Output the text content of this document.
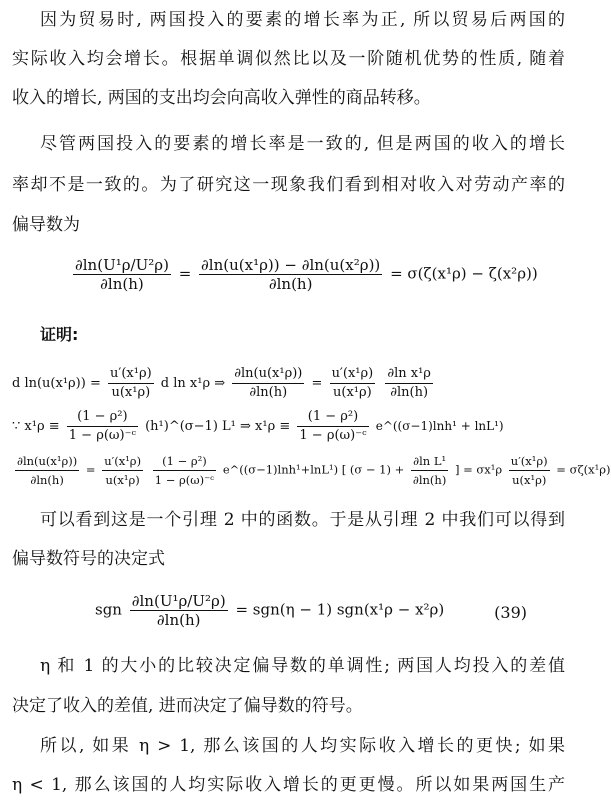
因为贸易时, 两国投入的要素的增长率为正, 所以贸易后两国的
实际收入均会增长。根据单调似然比以及一阶随机优势的性质, 随着
收入的增长, 两国的支出均会向高收入弹性的商品转移。
尽管两国投入的要素的增长率是一致的, 但是两国的收入的增长
率却不是一致的。为了研究这一现象我们看到相对收入对劳动产率的
偏导数为
$\frac{\text{∂ln(U¹ρ/U²ρ)}}{\partial\ln(h)} = \frac{\text{∂ln(u(x¹ρ)) − ∂ln(u(x²ρ))}}{\partial\ln(h)} = \sigma(\zeta(x^1\rho) - \zeta(x^2\rho))$
证明:
d $\ln(u(x^1\rho)) = \frac{\text{u′(x¹ρ)}}{\text{u(x¹ρ)}}$ d ln x¹ρ ⇒ $\frac{\text{∂ln(u(x¹ρ))}}{\partial\ln(h)} = \frac{\text{u′(x¹ρ)}}{\text{u(x¹ρ)}}$
$\frac{\text{∂ln x¹ρ}}{\partial\ln(h)}$
∵ $x^1\rho \equiv \frac{\text{(1 − ρ²)}}{\text{1 − ρ(ω)⁻ᶜ}}$ (h¹)^(σ−1) L¹ ⇒ $x^1\rho \equiv \frac{\text{(1 − ρ²)}}{\text{1 − ρ(ω)⁻ᶜ}}$ e^((σ−1)lnh¹ + lnL¹)
$\frac{\text{∂ln(u(x¹ρ))}}{\partial\ln(h)} = \frac{\text{u′(x¹ρ)}}{\text{u(x¹ρ)}}$
$\frac{\text{(1 − ρ²)}}{\text{1 − ρ(ω)⁻ᶜ}}$ e^((σ−1)lnh¹+lnL¹) [ $(\sigma - 1) + \frac{\text{∂ln L¹}}{\partial\ln(h)}$ ] = $\sigma x^1\rho \frac{\text{u′(x¹ρ)}}{\text{u(x¹ρ)}} = \sigma\zeta(x^1\rho)$
可以看到这是一个引理 2 中的函数。于是从引理 2 中我们可以得到
偏导数符号的决定式
sgn $\frac{\text{∂ln(U¹ρ/U²ρ)}}{\partial\ln(h)} = sgn(\eta - 1) sgn(x^1\rho - x^2\rho)$	(39)
η 和 1 的大小的比较决定偏导数的单调性; 两国人均投入的差值
决定了收入的差值, 进而决定了偏导数的符号。
所以, 如果 η > 1, 那么该国的人均实际收入增长的更快; 如果
η < 1, 那么该国的人均实际收入增长的更更慢。所以如果两国生产
